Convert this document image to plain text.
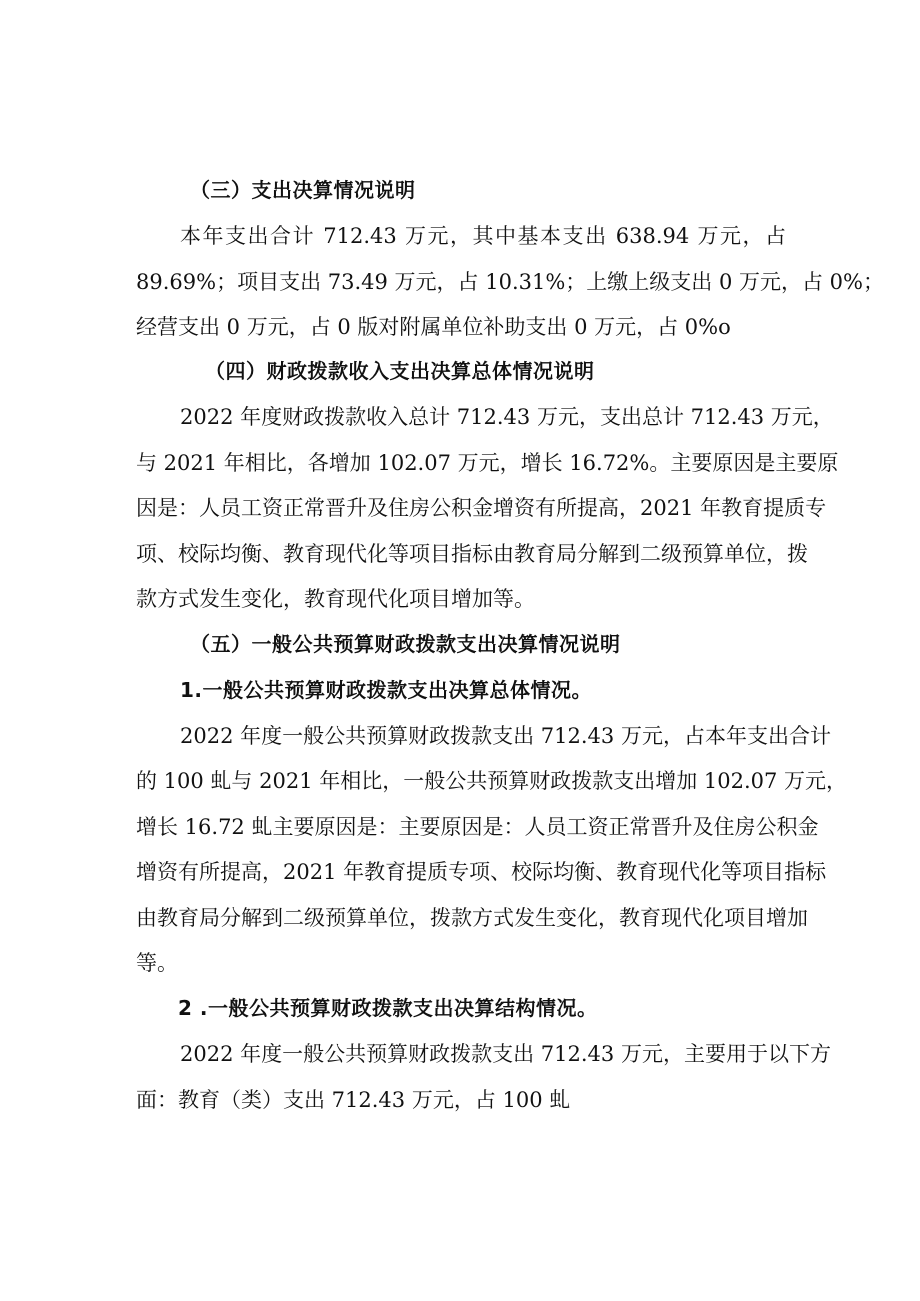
（三）支出决算情况说明

本年支出合计 712.43 万元，其中基本支出 638.94 万元，占

89.69%；项目支出 73.49 万元，占 10.31%；上缴上级支出 0 万元，占 0%；

经营支出 0 万元，占 0 版对附属单位补助支出 0 万元，占 0%o

（四）财政拨款收入支出决算总体情况说明

2022 年度财政拨款收入总计 712.43 万元，支出总计 712.43 万元，

与 2021 年相比，各增加 102.07 万元，增长 16.72%。主要原因是主要原

因是：人员工资正常晋升及住房公积金增资有所提高，2021 年教育提质专

项、校际均衡、教育现代化等项目指标由教育局分解到二级预算单位，拨

款方式发生变化，教育现代化项目增加等。

（五）一般公共预算财政拨款支出决算情况说明
1.一般公共预算财政拨款支出决算总体情况。

2022 年度一般公共预算财政拨款支出 712.43 万元，占本年支出合计

的 100 虬与 2021 年相比，一般公共预算财政拨款支出增加 102.07 万元，

增长 16.72 虬主要原因是：主要原因是：人员工资正常晋升及住房公积金

增资有所提高，2021 年教育提质专项、校际均衡、教育现代化等项目指标

由教育局分解到二级预算单位，拨款方式发生变化，教育现代化项目增加

等。

2 .一般公共预算财政拨款支出决算结构情况。

2022 年度一般公共预算财政拨款支出 712.43 万元，主要用于以下方

面：教育（类）支出 712.43 万元，占 100 虬
